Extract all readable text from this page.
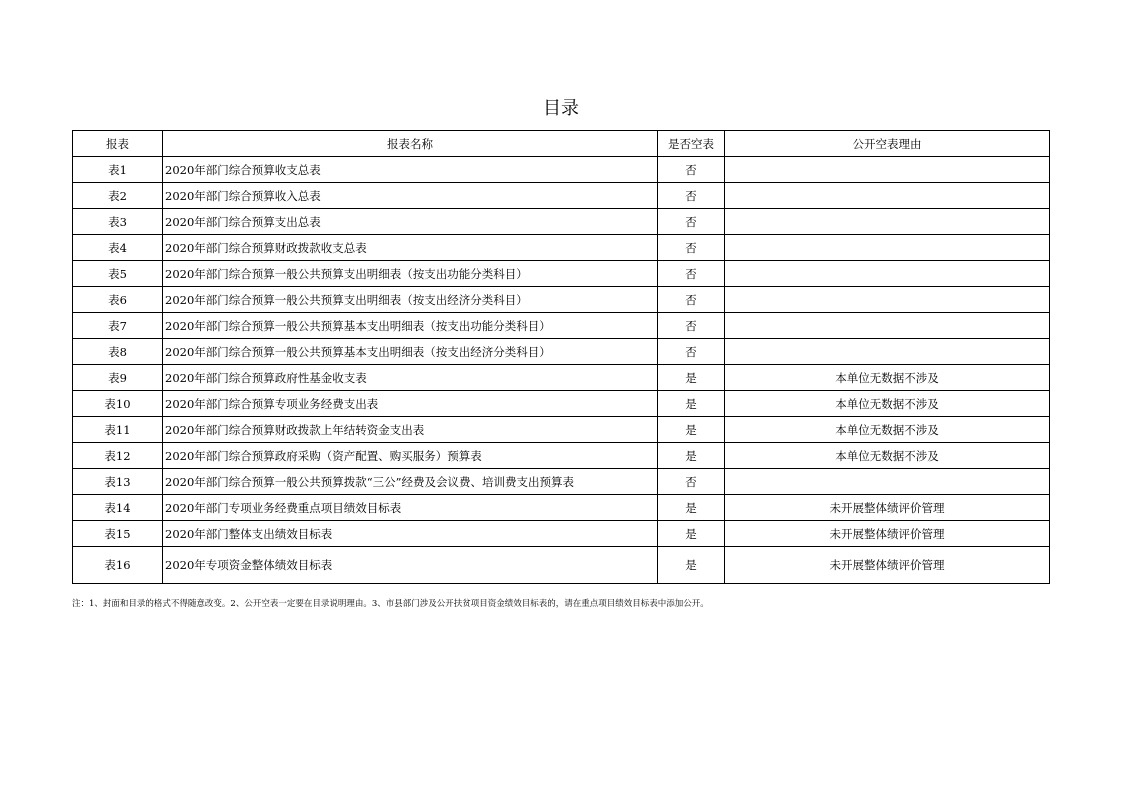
目录
报表	报表名称	是否空表	公开空表理由
表1	2020年部门综合预算收支总表	否	
表2	2020年部门综合预算收入总表	否	
表3	2020年部门综合预算支出总表	否	
表4	2020年部门综合预算财政拨款收支总表	否	
表5	2020年部门综合预算一般公共预算支出明细表（按支出功能分类科目）	否	
表6	2020年部门综合预算一般公共预算支出明细表（按支出经济分类科目）	否	
表7	2020年部门综合预算一般公共预算基本支出明细表（按支出功能分类科目）	否	
表8	2020年部门综合预算一般公共预算基本支出明细表（按支出经济分类科目）	否	
表9	2020年部门综合预算政府性基金收支表	是	本单位无数据不涉及
表10	2020年部门综合预算专项业务经费支出表	是	本单位无数据不涉及
表11	2020年部门综合预算财政拨款上年结转资金支出表	是	本单位无数据不涉及
表12	2020年部门综合预算政府采购（资产配置、购买服务）预算表	是	本单位无数据不涉及
表13	2020年部门综合预算一般公共预算拨款“三公”经费及会议费、培训费支出预算表	否	
表14	2020年部门专项业务经费重点项目绩效目标表	是	未开展整体绩评价管理
表15	2020年部门整体支出绩效目标表	是	未开展整体绩评价管理
表16	2020年专项资金整体绩效目标表	是	未开展整体绩评价管理
注：1、封面和目录的格式不得随意改变。2、公开空表一定要在目录说明理由。3、市县部门涉及公开扶贫项目资金绩效目标表的，请在重点项目绩效目标表中添加公开。
